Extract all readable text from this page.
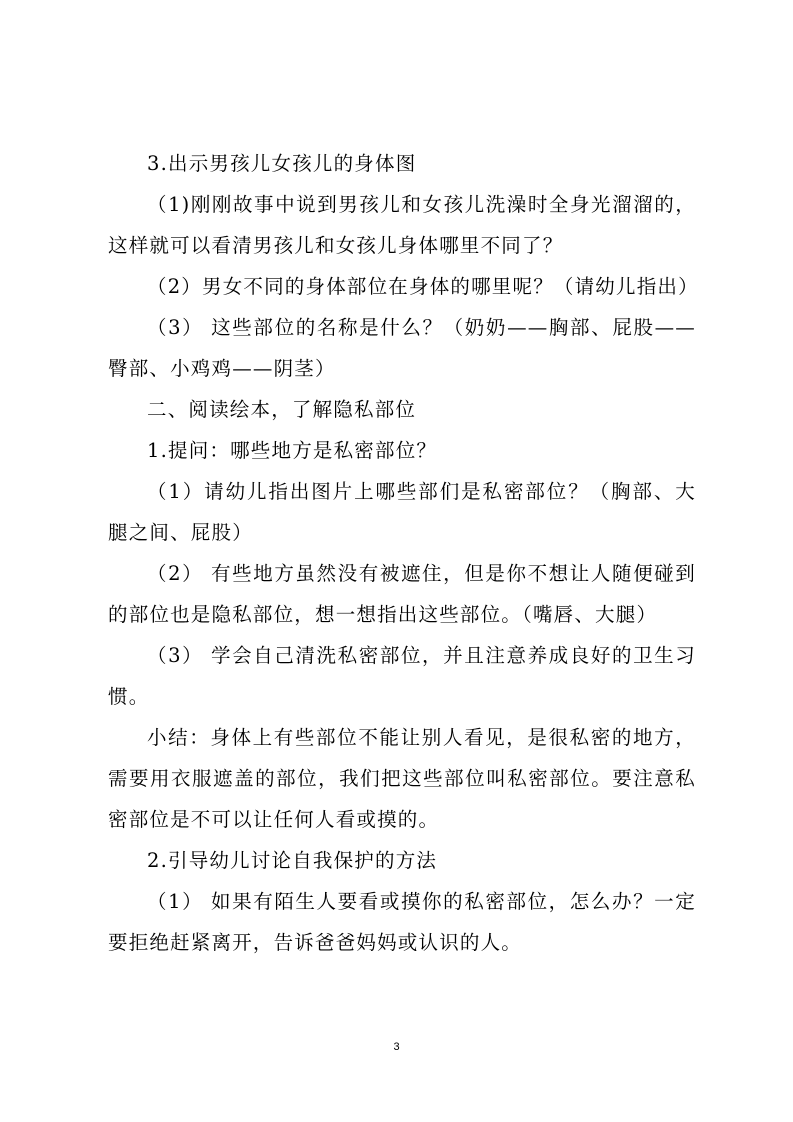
3.出示男孩儿女孩儿的身体图

（1)刚刚故事中说到男孩儿和女孩儿洗澡时全身光溜溜的，这样就可以看清男孩儿和女孩儿身体哪里不同了？

（2）男女不同的身体部位在身体的哪里呢？（请幼儿指出）

（3） 这些部位的名称是什么？（奶奶——胸部、屁股——臀部、小鸡鸡——阴茎）

二、阅读绘本，了解隐私部位

1.提问：哪些地方是私密部位？

（1）请幼儿指出图片上哪些部们是私密部位？（胸部、大腿之间、屁股）

（2） 有些地方虽然没有被遮住，但是你不想让人随便碰到的部位也是隐私部位，想一想指出这些部位。（嘴唇、大腿）

（3） 学会自己清洗私密部位，并且注意养成良好的卫生习惯。

小结：身体上有些部位不能让别人看见，是很私密的地方，需要用衣服遮盖的部位，我们把这些部位叫私密部位。要注意私密部位是不可以让任何人看或摸的。

2.引导幼儿讨论自我保护的方法

（1） 如果有陌生人要看或摸你的私密部位，怎么办？一定要拒绝赶紧离开，告诉爸爸妈妈或认识的人。

3
